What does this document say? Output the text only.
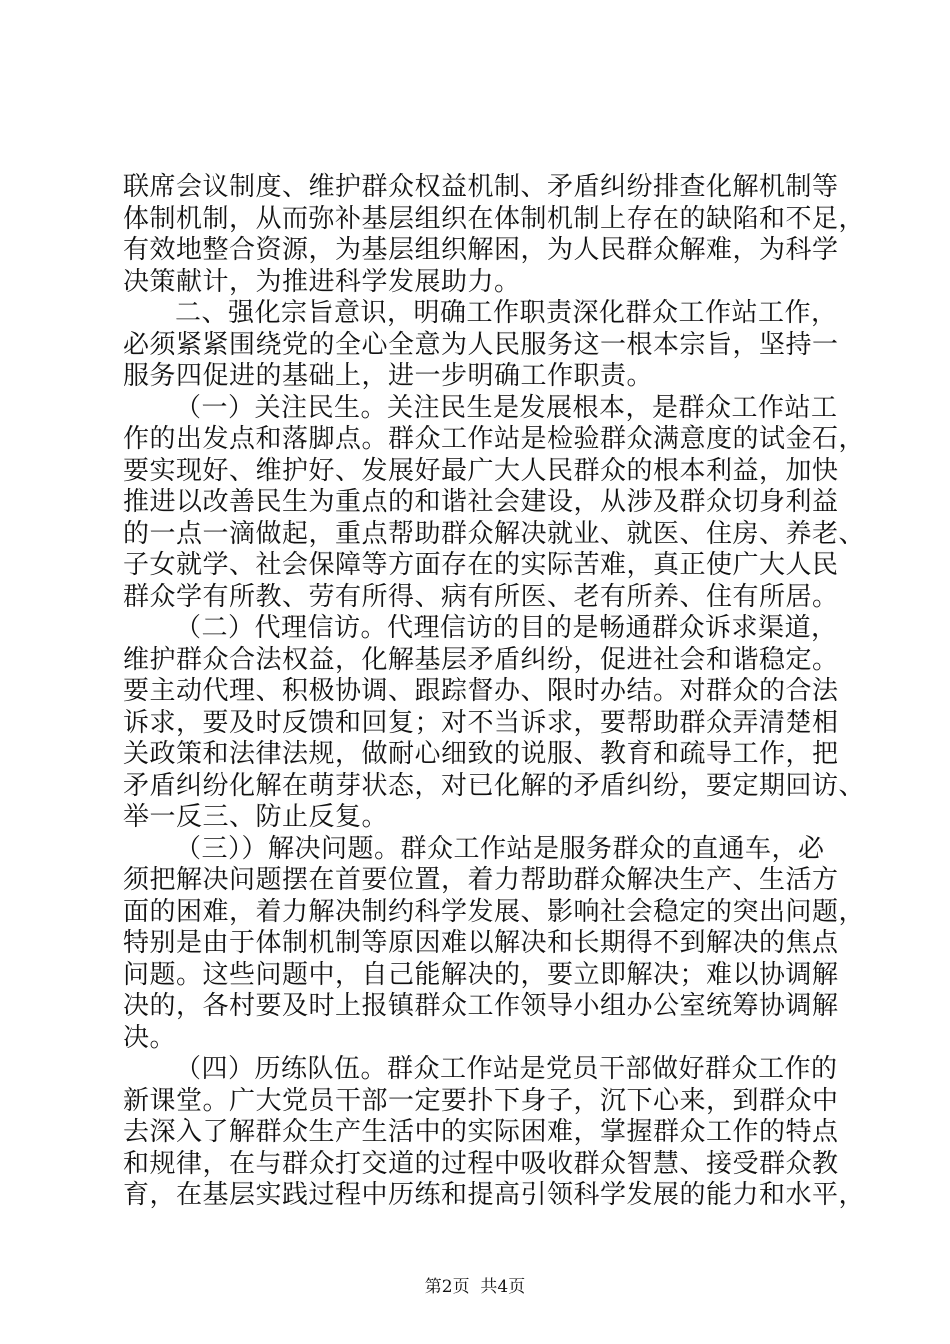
联席会议制度、维护群众权益机制、矛盾纠纷排查化解机制等
体制机制，从而弥补基层组织在体制机制上存在的缺陷和不足，
有效地整合资源，为基层组织解困，为人民群众解难，为科学
决策献计，为推进科学发展助力。
二、强化宗旨意识，明确工作职责深化群众工作站工作，
必须紧紧围绕党的全心全意为人民服务这一根本宗旨，坚持一
服务四促进的基础上，进一步明确工作职责。
（一）关注民生。关注民生是发展根本，是群众工作站工
作的出发点和落脚点。群众工作站是检验群众满意度的试金石，
要实现好、维护好、发展好最广大人民群众的根本利益，加快
推进以改善民生为重点的和谐社会建设，从涉及群众切身利益
的一点一滴做起，重点帮助群众解决就业、就医、住房、养老、
子女就学、社会保障等方面存在的实际苦难，真正使广大人民
群众学有所教、劳有所得、病有所医、老有所养、住有所居。
（二）代理信访。代理信访的目的是畅通群众诉求渠道，
维护群众合法权益，化解基层矛盾纠纷，促进社会和谐稳定。
要主动代理、积极协调、跟踪督办、限时办结。对群众的合法
诉求，要及时反馈和回复；对不当诉求，要帮助群众弄清楚相
关政策和法律法规，做耐心细致的说服、教育和疏导工作，把
矛盾纠纷化解在萌芽状态，对已化解的矛盾纠纷，要定期回访、
举一反三、防止反复。
（三））解决问题。群众工作站是服务群众的直通车，必
须把解决问题摆在首要位置，着力帮助群众解决生产、生活方
面的困难，着力解决制约科学发展、影响社会稳定的突出问题，
特别是由于体制机制等原因难以解决和长期得不到解决的焦点
问题。这些问题中，自己能解决的，要立即解决；难以协调解
决的，各村要及时上报镇群众工作领导小组办公室统筹协调解
决。
（四）历练队伍。群众工作站是党员干部做好群众工作的
新课堂。广大党员干部一定要扑下身子，沉下心来，到群众中
去深入了解群众生产生活中的实际困难，掌握群众工作的特点
和规律，在与群众打交道的过程中吸收群众智慧、接受群众教
育，在基层实践过程中历练和提高引领科学发展的能力和水平，
第2页  共4页
